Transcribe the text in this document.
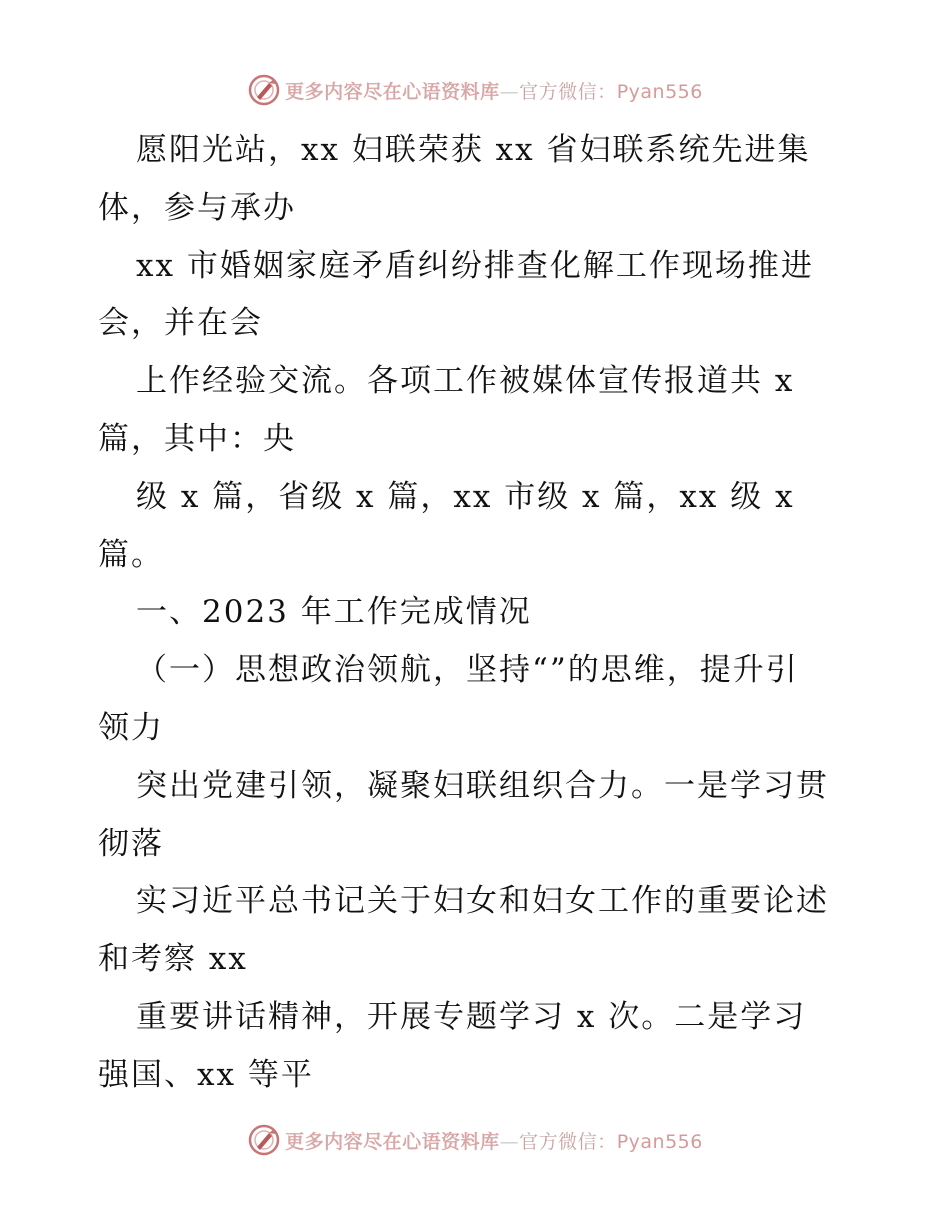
更多内容尽在心语资料库—官方微信：Pyan556
愿阳光站，xx 妇联荣获 xx 省妇联系统先进集
体，参与承办
xx 市婚姻家庭矛盾纠纷排查化解工作现场推进
会，并在会
上作经验交流。各项工作被媒体宣传报道共 x
篇，其中：央
级 x 篇，省级 x 篇，xx 市级 x 篇，xx 级 x
篇。
一、2023 年工作完成情况
（一）思想政治领航，坚持“”的思维，提升引
领力
突出党建引领，凝聚妇联组织合力。一是学习贯
彻落
实习近平总书记关于妇女和妇女工作的重要论述
和考察 xx
重要讲话精神，开展专题学习 x 次。二是学习
强国、xx 等平
更多内容尽在心语资料库—官方微信：Pyan556
